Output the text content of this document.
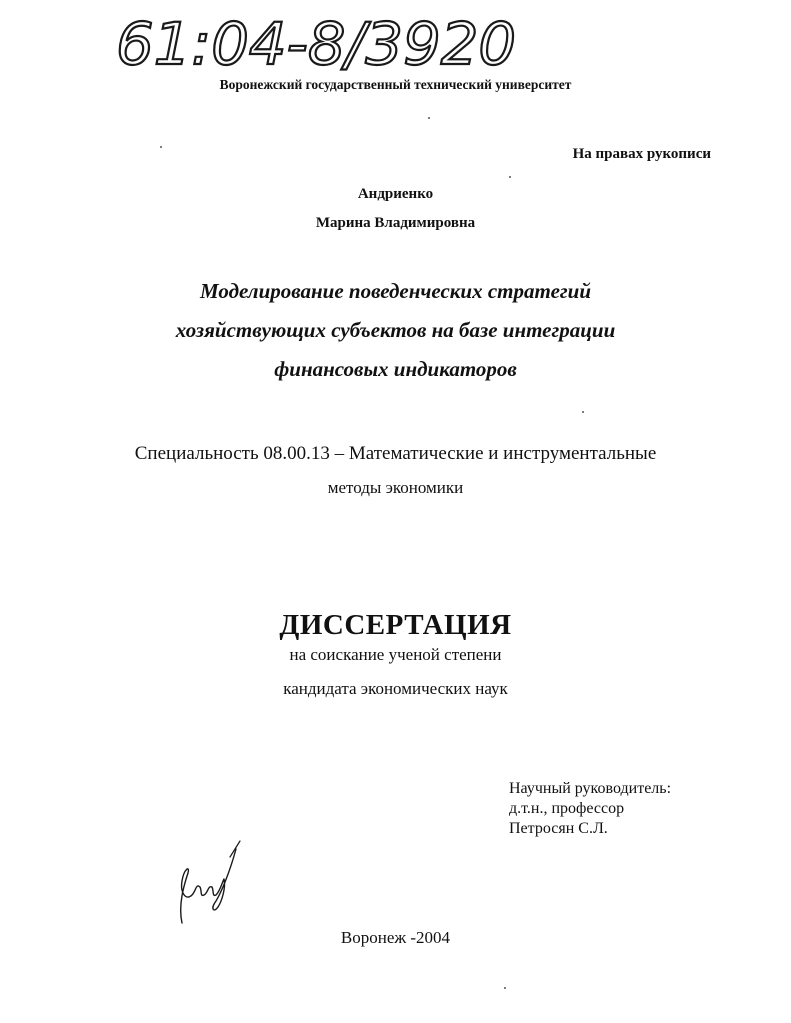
61:04-8/3920
Воронежский государственный технический университет
На правах рукописи
Андриенко
Марина Владимировна
Моделирование поведенческих стратегий
хозяйствующих субъектов на базе интеграции
финансовых индикаторов
Специальность 08.00.13 – Математические и инструментальные
методы экономики
ДИССЕРТАЦИЯ
на соискание ученой степени
кандидата экономических наук
Научный руководитель:
д.т.н., профессор
Петросян С.Л.
Воронеж -2004
